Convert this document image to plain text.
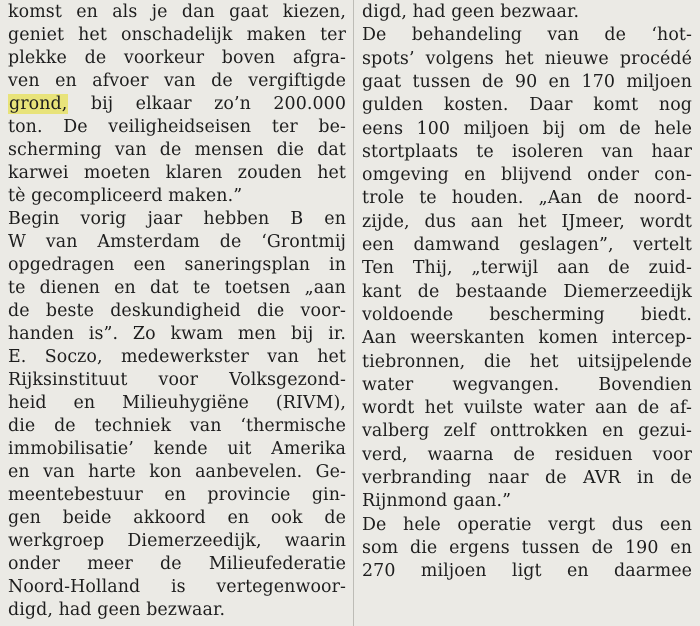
komst en als je dan gaat kiezen,
geniet het onschadelijk maken ter
plekke de voorkeur boven afgra-
ven en afvoer van de vergiftigde
grond, bij elkaar zo’n 200.000
ton. De veiligheidseisen ter be-
scherming van de mensen die dat
karwei moeten klaren zouden het
tè gecompliceerd maken.”
Begin vorig jaar hebben B en
W van Amsterdam de ‘Grontmij
opgedragen een saneringsplan in
te dienen en dat te toetsen „aan
de beste deskundigheid die voor-
handen is”. Zo kwam men bij ir.
E. Soczo, medewerkster van het
Rijksinstituut voor Volksgezond-
heid en Milieuhygiëne (RIVM),
die de techniek van ‘thermische
immobilisatie’ kende uit Amerika
en van harte kon aanbevelen. Ge-
meentebestuur en provincie gin-
gen beide akkoord en ook de
werkgroep Diemerzeedijk, waarin
onder meer de Milieufederatie
Noord-Holland is vertegenwoor-
digd, had geen bezwaar.
digd, had geen bezwaar.
De behandeling van de ‘hot-
spots’ volgens het nieuwe procédé
gaat tussen de 90 en 170 miljoen
gulden kosten. Daar komt nog
eens 100 miljoen bij om de hele
stortplaats te isoleren van haar
omgeving en blijvend onder con-
trole te houden. „Aan de noord-
zijde, dus aan het IJmeer, wordt
een damwand geslagen”, vertelt
Ten Thij, „terwijl aan de zuid-
kant de bestaande Diemerzeedijk
voldoende bescherming biedt.
Aan weerskanten komen intercep-
tiebronnen, die het uitsijpelende
water wegvangen. Bovendien
wordt het vuilste water aan de af-
valberg zelf onttrokken en gezui-
verd, waarna de residuen voor
verbranding naar de AVR in de
Rijnmond gaan.”
De hele operatie vergt dus een
som die ergens tussen de 190 en
270 miljoen ligt en daarmee
